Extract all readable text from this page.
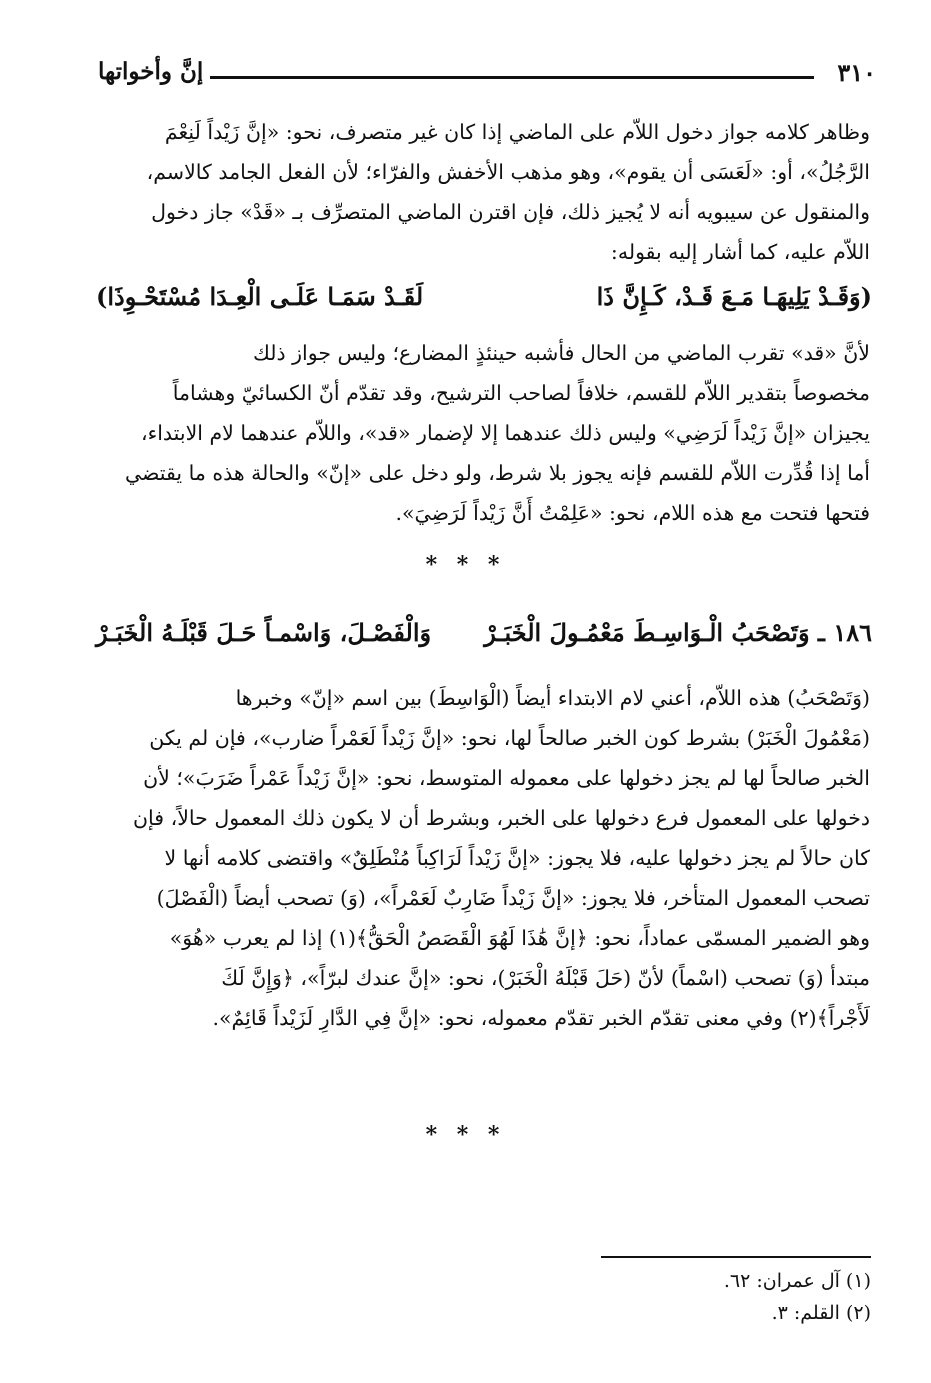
٣١٠
إنَّ وأخواتها
وظاهر كلامه جواز دخول اللاّم على الماضي إذا كان غير متصرف، نحو: «إنَّ زَيْداً لَنِعْمَ
الرَّجُلُ»، أو: «لَعَسَى أن يقوم»، وهو مذهب الأخفش والفرّاء؛ لأن الفعل الجامد كالاسم،
والمنقول عن سيبويه أنه لا يُجيز ذلك، فإن اقترن الماضي المتصرِّف بـ «قَدْ» جاز دخول
اللاّم عليه، كما أشار إليه بقوله:
(وَقَـدْ يَلِيهَـا مَـعَ قَـدْ، كَـإِنَّ ذَا
لَقَـدْ سَمَـا عَلَـى الْعِـدَا مُسْتَحْـوِذَا)
لأنَّ «قد» تقرب الماضي من الحال فأشبه حينئذٍ المضارع؛ وليس جواز ذلك
مخصوصاً بتقدير اللاّم للقسم، خلافاً لصاحب الترشيح، وقد تقدّم أنّ الكسائيّ وهشاماً
يجيزان «إنَّ زَيْداً لَرَضِي» وليس ذلك عندهما إلا لإضمار «قد»، واللاّم عندهما لام الابتداء،
أما إذا قُدِّرت اللاّم للقسم فإنه يجوز بلا شرط، ولو دخل على «إنّ» والحالة هذه ما يقتضي
فتحها فتحت مع هذه اللام، نحو: «عَلِمْتُ أَنَّ زَيْداً لَرَضِيَ».
* * *
١٨٦ ـ وَتَصْحَبُ الْـوَاسِـطَ مَعْمُـولَ الْخَبَـرْ
وَالْفَصْـلَ، وَاسْمـاً حَـلَ قَبْلَـهُ الْخَبَـرْ
(وَتَصْحَبُ) هذه اللاّم، أعني لام الابتداء أيضاً (الْوَاسِطَ) بين اسم «إنّ» وخبرها
(مَعْمُولَ الْخَبَرْ) بشرط كون الخبر صالحاً لها، نحو: «إنَّ زَيْداً لَعَمْراً ضارب»، فإن لم يكن
الخبر صالحاً لها لم يجز دخولها على معموله المتوسط، نحو: «إنَّ زَيْداً عَمْراً ضَرَبَ»؛ لأن
دخولها على المعمول فرع دخولها على الخبر، وبشرط أن لا يكون ذلك المعمول حالاً، فإن
كان حالاً لم يجز دخولها عليه، فلا يجوز: «إنَّ زَيْداً لَرَاكِباً مُنْطَلِقٌ» واقتضى كلامه أنها لا
تصحب المعمول المتأخر، فلا يجوز: «إنَّ زَيْداً ضَارِبٌ لَعَمْراً»، (وَ) تصحب أيضاً (الْفَصْلَ)
وهو الضمير المسمّى عماداً، نحو: ﴿إنَّ هَٰذَا لَهُوَ الْقَصَصُ الْحَقُّ﴾(١) إذا لم يعرب «هُوَ»
مبتدأ (وَ) تصحب (اسْماً) لأنّ (حَلَ قَبْلَهُ الْخَبَرْ)، نحو: «إنَّ عندك لبرّاً»، ﴿وَإِنَّ لَكَ
لَأَجْراً﴾(٢) وفي معنى تقدّم الخبر تقدّم معموله، نحو: «إنَّ فِي الدَّارِ لَزَيْداً قَائِمٌ».
* * *
(١) آل عمران: ٦٢.
(٢) القلم: ٣.
